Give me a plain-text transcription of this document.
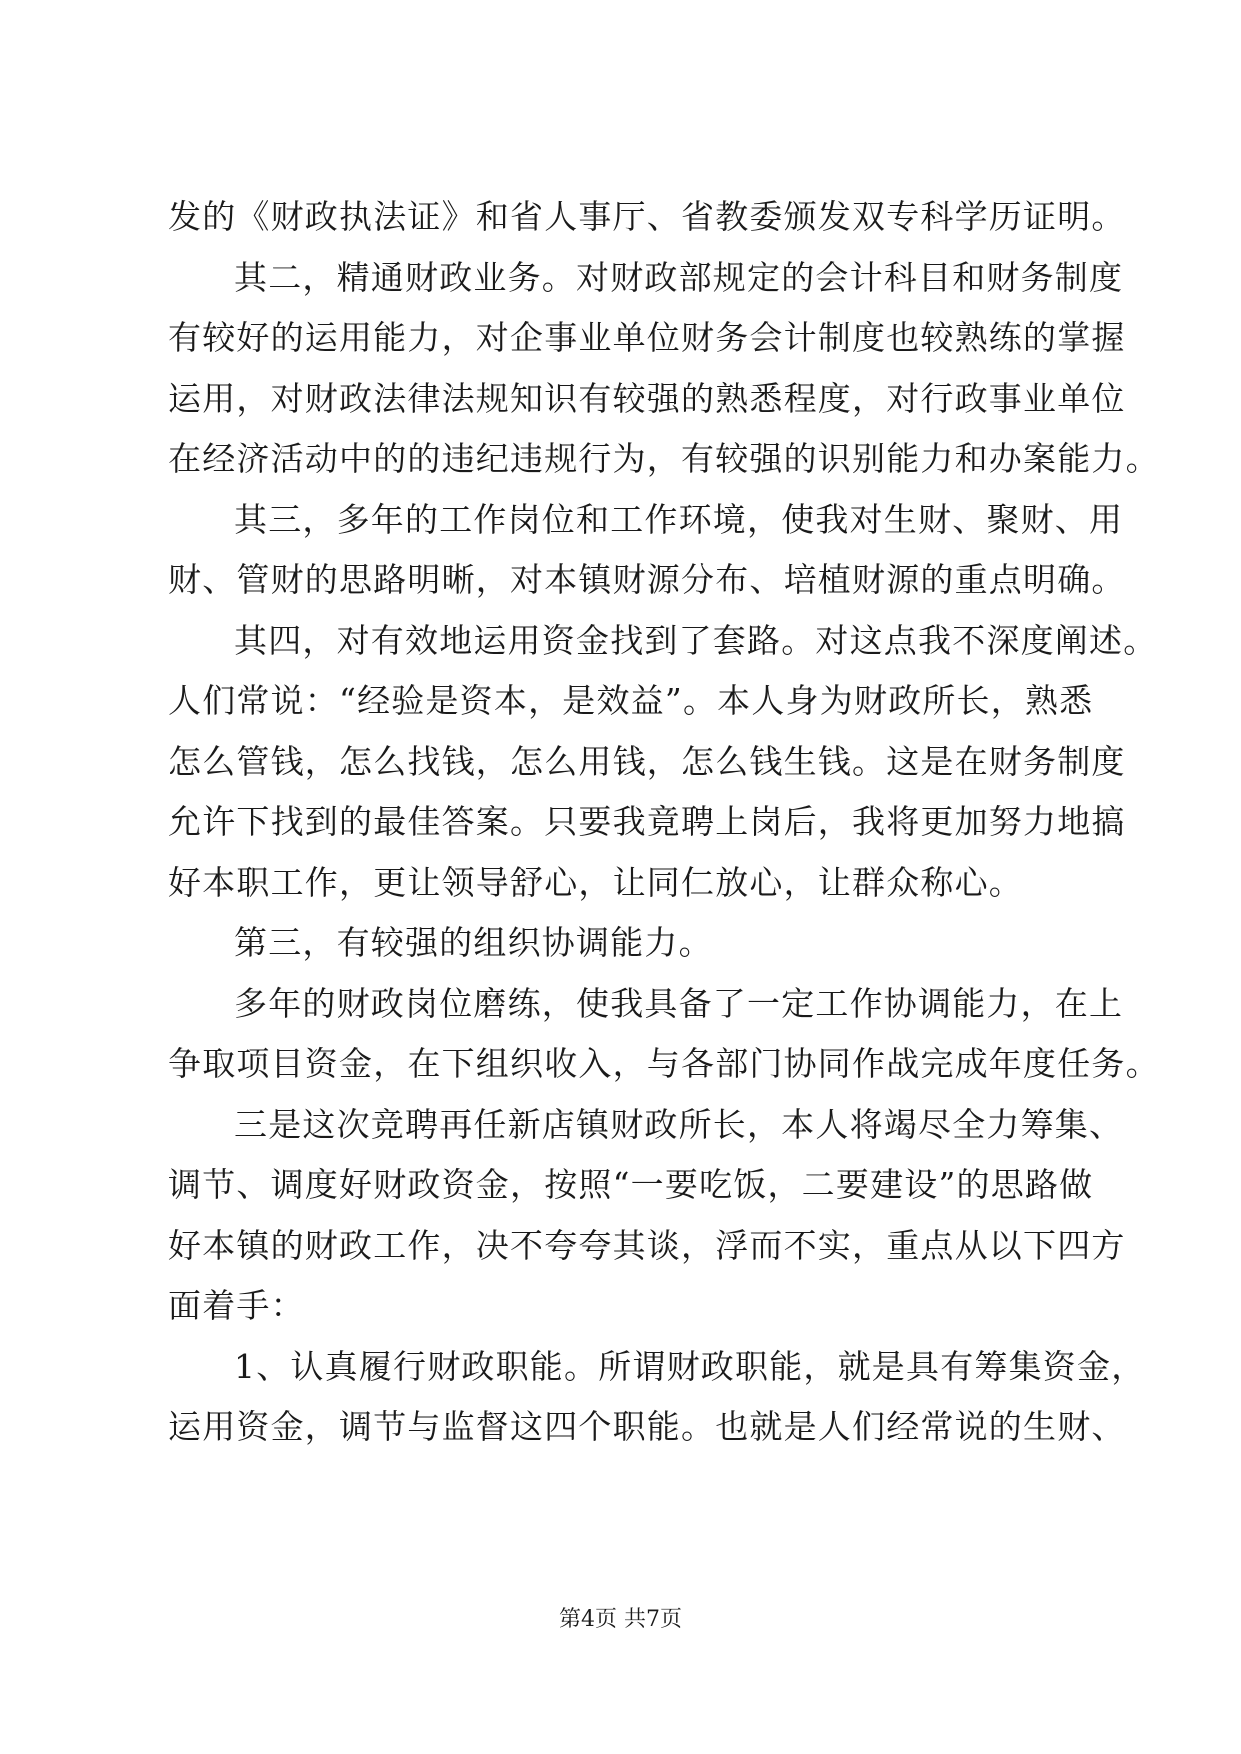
发的《财政执法证》和省人事厅、省教委颁发双专科学历证明。
其二，精通财政业务。对财政部规定的会计科目和财务制度
有较好的运用能力，对企事业单位财务会计制度也较熟练的掌握
运用，对财政法律法规知识有较强的熟悉程度，对行政事业单位
在经济活动中的的违纪违规行为，有较强的识别能力和办案能力。
其三，多年的工作岗位和工作环境，使我对生财、聚财、用
财、管财的思路明晰，对本镇财源分布、培植财源的重点明确。
其四，对有效地运用资金找到了套路。对这点我不深度阐述。
人们常说：“经验是资本，是效益”。本人身为财政所长，熟悉
怎么管钱，怎么找钱，怎么用钱，怎么钱生钱。这是在财务制度
允许下找到的最佳答案。只要我竟聘上岗后，我将更加努力地搞
好本职工作，更让领导舒心，让同仁放心，让群众称心。
第三，有较强的组织协调能力。
多年的财政岗位磨练，使我具备了一定工作协调能力，在上
争取项目资金，在下组织收入，与各部门协同作战完成年度任务。
三是这次竞聘再任新店镇财政所长，本人将竭尽全力筹集、
调节、调度好财政资金，按照“一要吃饭，二要建设”的思路做
好本镇的财政工作，决不夸夸其谈，浮而不实，重点从以下四方
面着手：
1、认真履行财政职能。所谓财政职能，就是具有筹集资金，
运用资金，调节与监督这四个职能。也就是人们经常说的生财、
第4页 共7页
